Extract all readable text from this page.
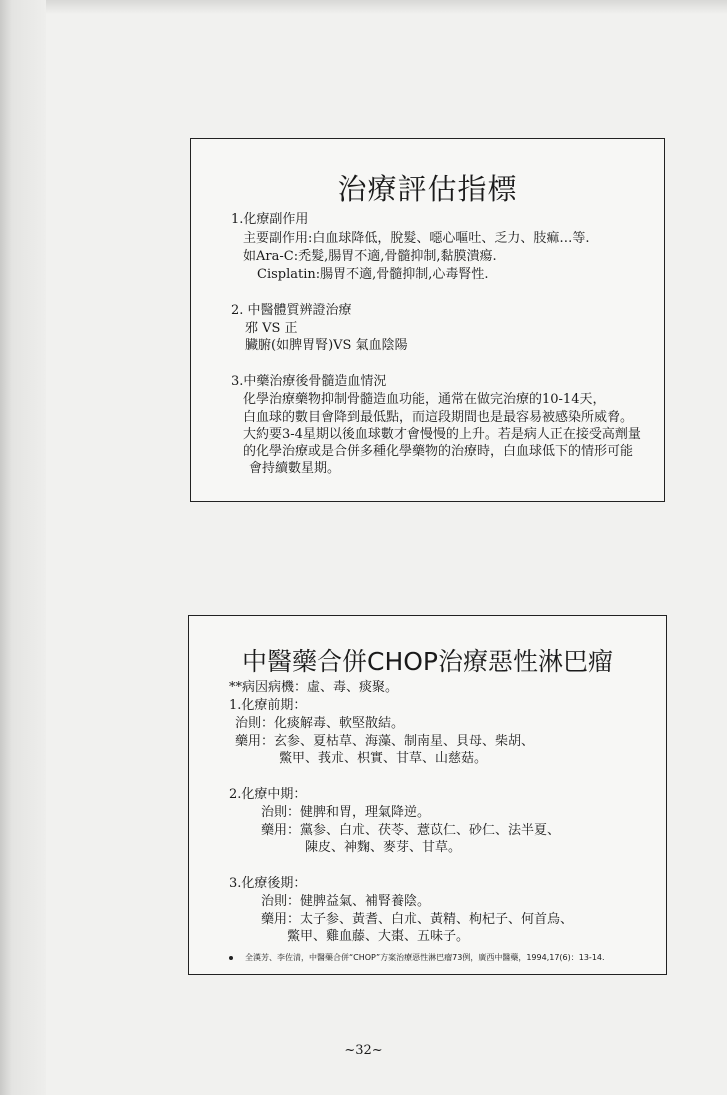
治療評估指標
1.化療副作用
主要副作用:白血球降低，脫髮、噁心嘔吐、乏力、肢痲…等.
如Ara-C:禿髮,腸胃不適,骨髓抑制,黏膜潰瘍.
Cisplatin:腸胃不適,骨髓抑制,心毒腎性.
2. 中醫體質辨證治療
邪 VS 正
臟腑(如脾胃腎)VS 氣血陰陽
3.中藥治療後骨髓造血情況
化學治療藥物抑制骨髓造血功能，通常在做完治療的10-14天，
白血球的數目會降到最低點，而這段期間也是最容易被感染所威脅。
大約要3-4星期以後血球數才會慢慢的上升。若是病人正在接受高劑量
的化學治療或是合併多種化學藥物的治療時，白血球低下的情形可能
會持續數星期。
中醫藥合併CHOP治療惡性淋巴瘤
**病因病機：虛、毒、痰聚。
1.化療前期：
治則：化痰解毒、軟堅散結。
藥用：玄参、夏枯草、海藻、制南星、貝母、柴胡、
鱉甲、莪朮、枳實、甘草、山慈菇。
2.化療中期：
治則：健脾和胃，理氣降逆。
藥用：黨参、白朮、茯苓、薏苡仁、砂仁、法半夏、
陳皮、神麴、麥芽、甘草。
3.化療後期：
治則：健脾益氣、補腎養陰。
藥用：太子参、黃耆、白朮、黃精、枸杞子、何首烏、
鱉甲、雞血藤、大棗、五味子。
全漢芳、李佐清，中醫藥合併“CHOP”方案治療惡性淋巴瘤73例，廣西中醫藥，1994,17(6)：13-14.
~32~
